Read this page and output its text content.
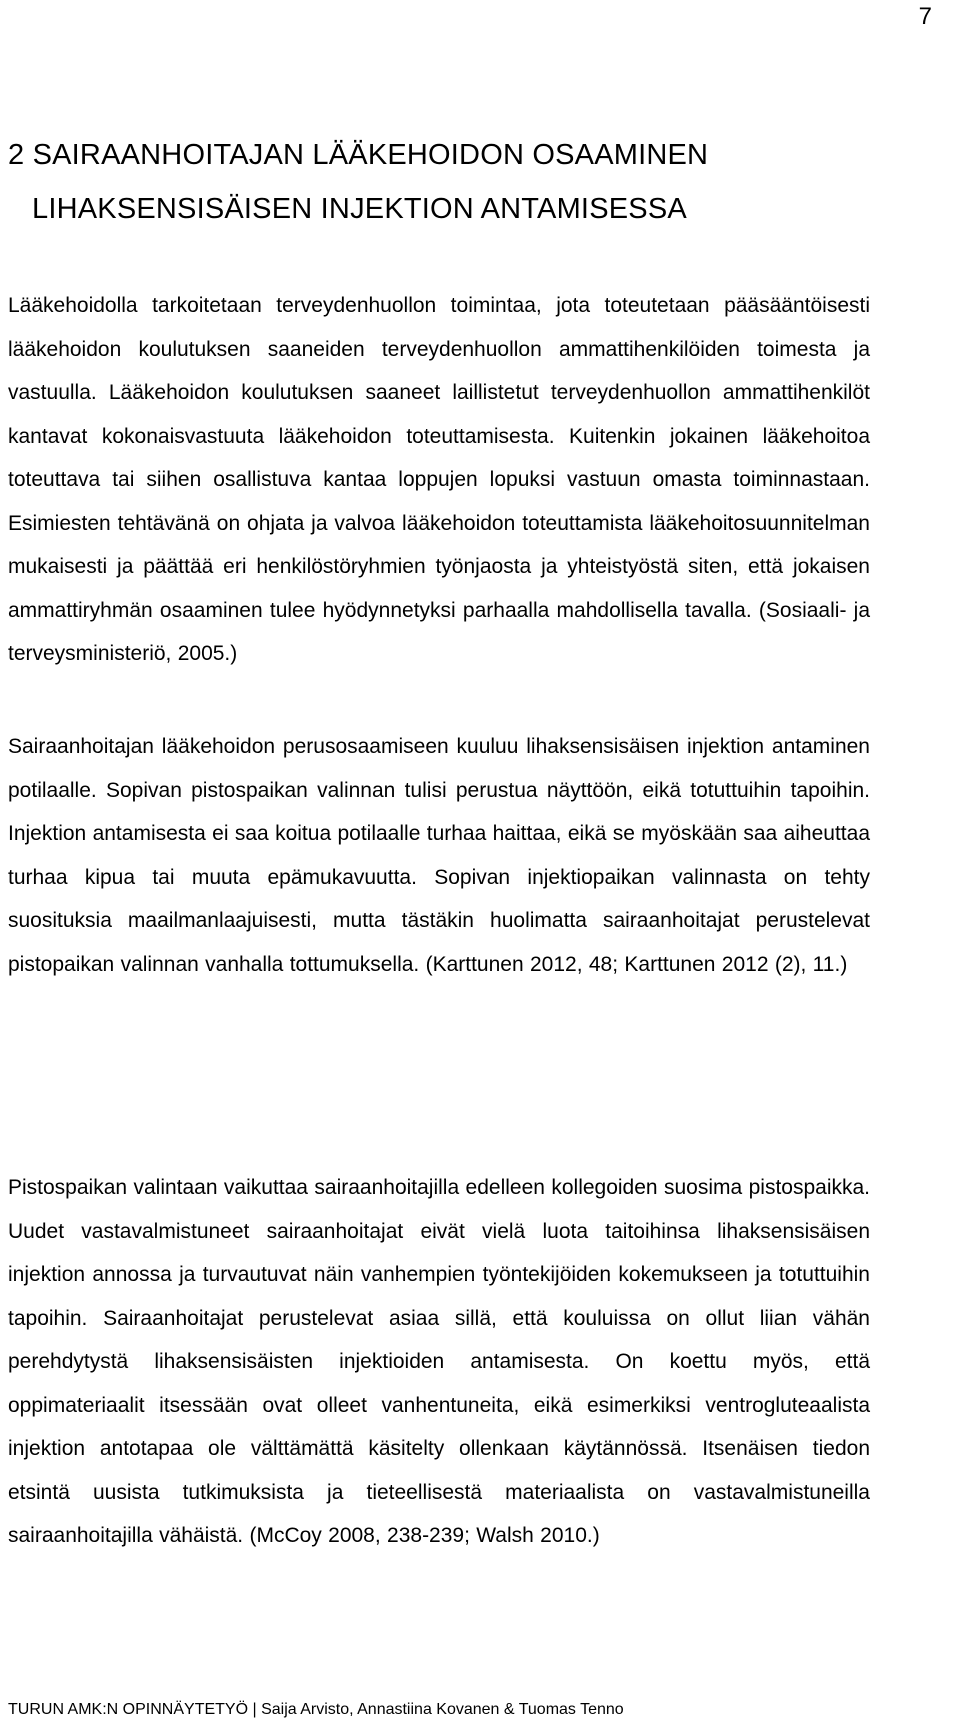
7
2 SAIRAANHOITAJAN LÄÄKEHOIDON OSAAMINEN
LIHAKSENSISÄISEN INJEKTION ANTAMISESSA

Lääkehoidolla tarkoitetaan terveydenhuollon toimintaa, jota toteutetaan pääsääntöisesti lääkehoidon koulutuksen saaneiden terveydenhuollon ammattihenkilöiden toimesta ja vastuulla. Lääkehoidon koulutuksen saaneet laillistetut terveydenhuollon ammattihenkilöt kantavat kokonaisvastuuta lääkehoidon toteuttamisesta. Kuitenkin jokainen lääkehoitoa toteuttava tai siihen osallistuva kantaa loppujen lopuksi vastuun omasta toiminnastaan. Esimiesten tehtävänä on ohjata ja valvoa lääkehoidon toteuttamista lääkehoitosuunnitelman mukaisesti ja päättää eri henkilöstöryhmien työnjaosta ja yhteistyöstä siten, että jokaisen ammattiryhmän osaaminen tulee hyödynnetyksi parhaalla mahdollisella tavalla. (Sosiaali- ja terveysministeriö, 2005.)

Sairaanhoitajan lääkehoidon perusosaamiseen kuuluu lihaksensisäisen injektion antaminen potilaalle. Sopivan pistospaikan valinnan tulisi perustua näyttöön, eikä totuttuihin tapoihin. Injektion antamisesta ei saa koitua potilaalle turhaa haittaa, eikä se myöskään saa aiheuttaa turhaa kipua tai muuta epämukavuutta. Sopivan injektiopaikan valinnasta on tehty suosituksia maailmanlaajuisesti, mutta tästäkin huolimatta sairaanhoitajat perustelevat pistopaikan valinnan vanhalla tottumuksella. (Karttunen 2012, 48; Karttunen 2012 (2), 11.)

Pistospaikan valintaan vaikuttaa sairaanhoitajilla edelleen kollegoiden suosima pistospaikka. Uudet vastavalmistuneet sairaanhoitajat eivät vielä luota taitoihinsa lihaksensisäisen injektion annossa ja turvautuvat näin vanhempien työntekijöiden kokemukseen ja totuttuihin tapoihin. Sairaanhoitajat perustelevat asiaa sillä, että kouluissa on ollut liian vähän perehdytystä lihaksensisäisten injektioiden antamisesta. On koettu myös, että oppimateriaalit itsessään ovat olleet vanhentuneita, eikä esimerkiksi ventrogluteaalista injektion antotapaa ole välttämättä käsitelty ollenkaan käytännössä. Itsenäisen tiedon etsintä uusista tutkimuksista ja tieteellisestä materiaalista on vastavalmistuneilla sairaanhoitajilla vähäistä. (McCoy 2008, 238-239; Walsh 2010.)

TURUN AMK:N OPINNÄYTETYÖ | Saija Arvisto, Annastiina Kovanen & Tuomas Tenno
